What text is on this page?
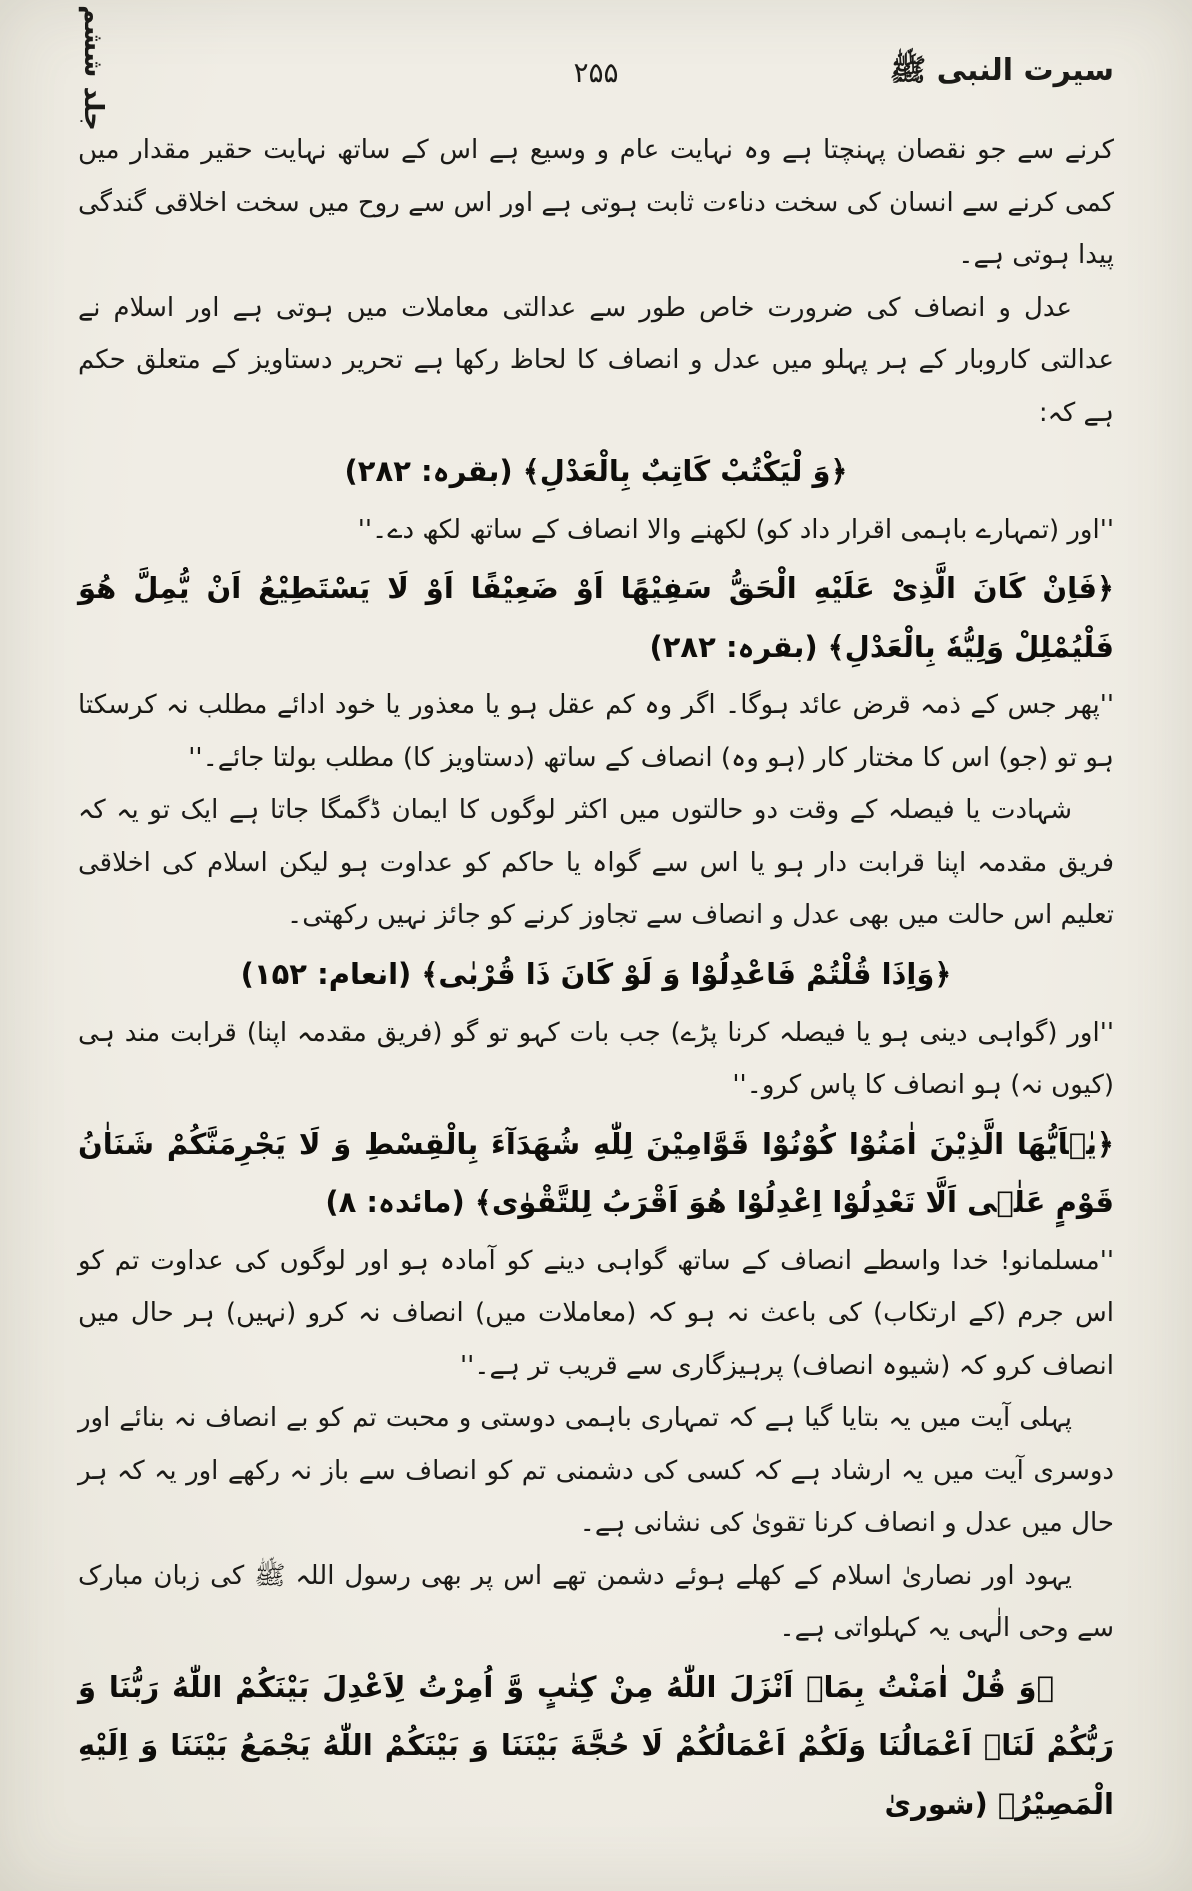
سیرت النبی ﷺ
۲۵۵
جلد ششم

کرنے سے جو نقصان پہنچتا ہے وہ نہایت عام و وسیع ہے اس کے ساتھ نہایت حقیر مقدار میں کمی کرنے سے انسان کی سخت دناءت ثابت ہوتی ہے اور اس سے روح میں سخت اخلاقی گندگی پیدا ہوتی ہے۔

عدل و انصاف کی ضرورت خاص طور سے عدالتی معاملات میں ہوتی ہے اور اسلام نے عدالتی کاروبار کے ہر پہلو میں عدل و انصاف کا لحاظ رکھا ہے تحریر دستاویز کے متعلق حکم ہے کہ:

﴿وَ لْیَکْتُبْ کَاتِبٌ بِالْعَدْلِ﴾ (بقرہ: ۲۸۲)

''اور (تمہارے باہمی اقرار داد کو) لکھنے والا انصاف کے ساتھ لکھ دے۔''

﴿فَاِنْ کَانَ الَّذِیْ عَلَیْهِ الْحَقُّ سَفِیْهًا اَوْ ضَعِیْفًا اَوْ لَا یَسْتَطِیْعُ اَنْ یُّمِلَّ هُوَ فَلْیُمْلِلْ وَلِیُّهٗ بِالْعَدْلِ﴾ (بقرہ: ۲۸۲)

''پھر جس کے ذمہ قرض عائد ہوگا۔ اگر وہ کم عقل ہو یا معذور یا خود ادائے مطلب نہ کرسکتا ہو تو (جو) اس کا مختار کار (ہو وہ) انصاف کے ساتھ (دستاویز کا) مطلب بولتا جائے۔''

شہادت یا فیصلہ کے وقت دو حالتوں میں اکثر لوگوں کا ایمان ڈگمگا جاتا ہے ایک تو یہ کہ فریق مقدمہ اپنا قرابت دار ہو یا اس سے گواہ یا حاکم کو عداوت ہو لیکن اسلام کی اخلاقی تعلیم اس حالت میں بھی عدل و انصاف سے تجاوز کرنے کو جائز نہیں رکھتی۔

﴿وَاِذَا قُلْتُمْ فَاعْدِلُوْا وَ لَوْ کَانَ ذَا قُرْبٰی﴾ (انعام: ۱۵۲)

''اور (گواہی دینی ہو یا فیصلہ کرنا پڑے) جب بات کہو تو گو (فریق مقدمہ اپنا) قرابت مند ہی (کیوں نہ) ہو انصاف کا پاس کرو۔''

﴿یٰۤاَیُّهَا الَّذِیْنَ اٰمَنُوْا کُوْنُوْا قَوَّامِیْنَ لِلّٰهِ شُهَدَآءَ بِالْقِسْطِ وَ لَا یَجْرِمَنَّکُمْ شَنَاٰنُ قَوْمٍ عَلٰۤی اَلَّا تَعْدِلُوْا اِعْدِلُوْا هُوَ اَقْرَبُ لِلتَّقْوٰی﴾ (مائدہ: ۸)

''مسلمانو! خدا واسطے انصاف کے ساتھ گواہی دینے کو آمادہ ہو اور لوگوں کی عداوت تم کو اس جرم (کے ارتکاب) کی باعث نہ ہو کہ (معاملات میں) انصاف نہ کرو (نہیں) ہر حال میں انصاف کرو کہ (شیوہ انصاف) پرہیزگاری سے قریب تر ہے۔''

پہلی آیت میں یہ بتایا گیا ہے کہ تمہاری باہمی دوستی و محبت تم کو بے انصاف نہ بنائے اور دوسری آیت میں یہ ارشاد ہے کہ کسی کی دشمنی تم کو انصاف سے باز نہ رکھے اور یہ کہ ہر حال میں عدل و انصاف کرنا تقویٰ کی نشانی ہے۔

یہود اور نصاریٰ اسلام کے کھلے ہوئے دشمن تھے اس پر بھی رسول اللہ ﷺ کی زبان مبارک سے وحی الٰہی یہ کہلواتی ہے۔

﴿وَ قُلْ اٰمَنْتُ بِمَاۤ اَنْزَلَ اللّٰهُ مِنْ کِتٰبٍ وَّ اُمِرْتُ لِاَعْدِلَ بَیْنَکُمْ اللّٰهُ رَبُّنَا وَ رَبُّکُمْ لَنَاۤ اَعْمَالُنَا وَلَکُمْ اَعْمَالُکُمْ لَا حُجَّةَ بَیْنَنَا وَ بَیْنَکُمْ اللّٰهُ یَجْمَعُ بَیْنَنَا وَ اِلَیْهِ الْمَصِیْرُ﴾ (شوریٰ
